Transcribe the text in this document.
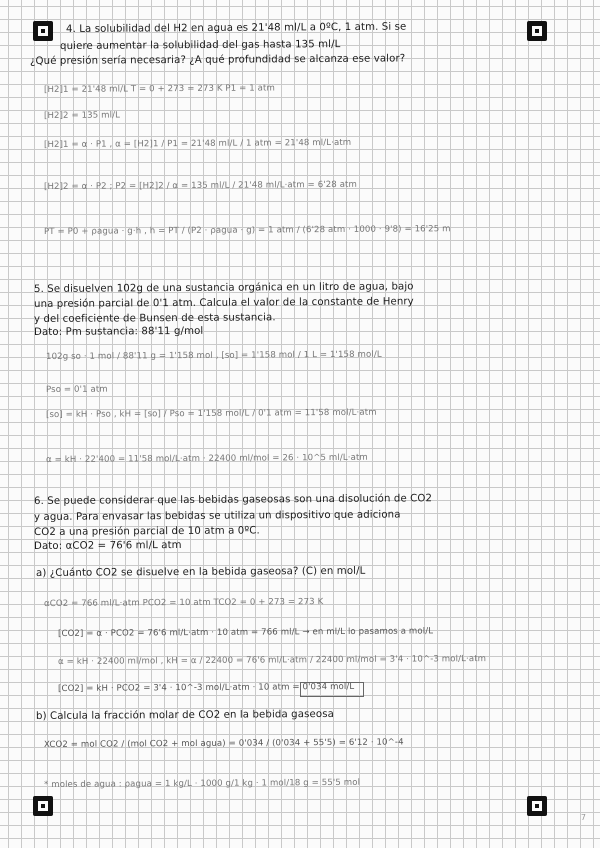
4. La solubilidad del H2 en agua es 21'48 ml/L a 0ºC, 1 atm. Si se
quiere aumentar la solubilidad del gas hasta 135 ml/L
¿Qué presión sería necesaria? ¿A qué profundidad se alcanza ese valor?
[H2]1 = 21'48 ml/L T = 0 + 273 = 273 K P1 = 1 atm
[H2]2 = 135 ml/L
[H2]1 = α · P1 , α = [H2]1 / P1 = 21'48 ml/L / 1 atm = 21'48 ml/L·atm
[H2]2 = α · P2 ; P2 = [H2]2 / α = 135 ml/L / 21'48 ml/L·atm = 6'28 atm
PT = P0 + ρagua · g·h , h = PT / (P2 · ρagua · g) = 1 atm / (6'28 atm · 1000 · 9'8) = 16'25 m
5. Se disuelven 102g de una sustancia orgánica en un litro de agua, bajo
una presión parcial de 0'1 atm. Calcula el valor de la constante de Henry
y del coeficiente de Bunsen de esta sustancia.
Dato: Pm sustancia: 88'11 g/mol
102g so · 1 mol / 88'11 g = 1'158 mol , [so] = 1'158 mol / 1 L = 1'158 mol/L
Pso = 0'1 atm
[so] = kH · Pso , kH = [so] / Pso = 1'158 mol/L / 0'1 atm = 11'58 mol/L·atm
α = kH · 22'400 = 11'58 mol/L·atm · 22400 ml/mol = 26 · 10^5 ml/L·atm
6. Se puede considerar que las bebidas gaseosas son una disolución de CO2
y agua. Para envasar las bebidas se utiliza un dispositivo que adiciona
CO2 a una presión parcial de 10 atm a 0ºC.
Dato: αCO2 = 76'6 ml/L atm
a) ¿Cuánto CO2 se disuelve en la bebida gaseosa? (C) en mol/L
αCO2 = 766 ml/L·atm PCO2 = 10 atm TCO2 = 0 + 273 = 273 K
[CO2] = α · PCO2 = 76'6 ml/L·atm · 10 atm = 766 ml/L → en ml/L lo pasamos a mol/L
α = kH · 22400 ml/mol , kH = α / 22400 = 76'6 ml/L·atm / 22400 ml/mol = 3'4 · 10^-3 mol/L·atm
[CO2] = kH · PCO2 = 3'4 · 10^-3 mol/L·atm · 10 atm = 0'034 mol/L
b) Calcula la fracción molar de CO2 en la bebida gaseosa
XCO2 = mol CO2 / (mol CO2 + mol agua) = 0'034 / (0'034 + 55'5) = 6'12 · 10^-4
* moles de agua : ρagua = 1 kg/L · 1000 g/1 kg · 1 mol/18 g = 55'5 mol
7
